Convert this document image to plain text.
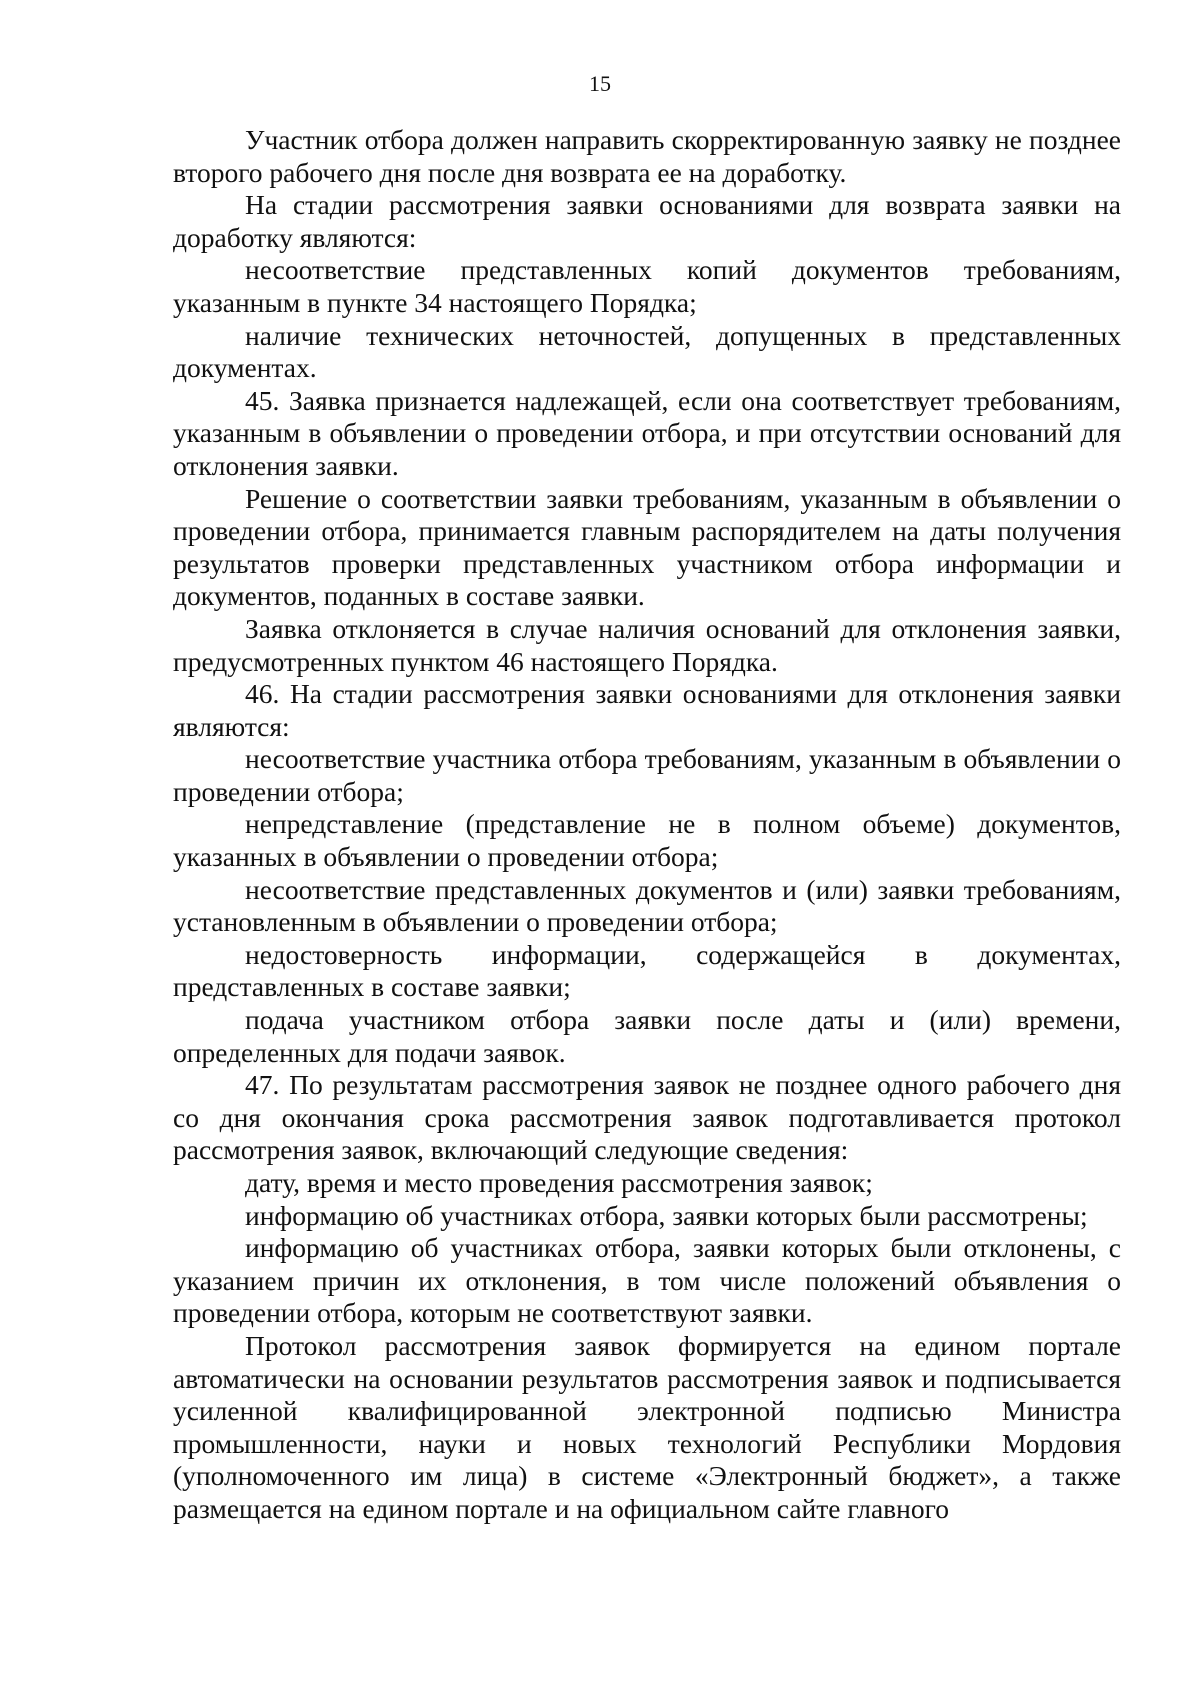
15

Участник отбора должен направить скорректированную заявку не позднее второго рабочего дня после дня возврата ее на доработку.

На стадии рассмотрения заявки основаниями для возврата заявки на доработку являются:

несоответствие представленных копий документов требованиям, указанным в пункте 34 настоящего Порядка;

наличие технических неточностей, допущенных в представленных документах.

45. Заявка признается надлежащей, если она соответствует требованиям, указанным в объявлении о проведении отбора, и при отсутствии оснований для отклонения заявки.

Решение о соответствии заявки требованиям, указанным в объявлении о проведении отбора, принимается главным распорядителем на даты получения результатов проверки представленных участником отбора информации и документов, поданных в составе заявки.

Заявка отклоняется в случае наличия оснований для отклонения заявки, предусмотренных пунктом 46 настоящего Порядка.

46. На стадии рассмотрения заявки основаниями для отклонения заявки являются:

несоответствие участника отбора требованиям, указанным в объявлении о проведении отбора;

непредставление (представление не в полном объеме) документов, указанных в объявлении о проведении отбора;

несоответствие представленных документов и (или) заявки требованиям, установленным в объявлении о проведении отбора;

недостоверность информации, содержащейся в документах, представленных в составе заявки;

подача участником отбора заявки после даты и (или) времени, определенных для подачи заявок.

47. По результатам рассмотрения заявок не позднее одного рабочего дня со дня окончания срока рассмотрения заявок подготавливается протокол рассмотрения заявок, включающий следующие сведения:

дату, время и место проведения рассмотрения заявок;

информацию об участниках отбора, заявки которых были рассмотрены;

информацию об участниках отбора, заявки которых были отклонены, с указанием причин их отклонения, в том числе положений объявления о проведении отбора, которым не соответствуют заявки.

Протокол рассмотрения заявок формируется на едином портале автоматически на основании результатов рассмотрения заявок и подписывается усиленной квалифицированной электронной подписью Министра промышленности, науки и новых технологий Республики Мордовия (уполномоченного им лица) в системе «Электронный бюджет», а также размещается на едином портале и на официальном сайте главного
